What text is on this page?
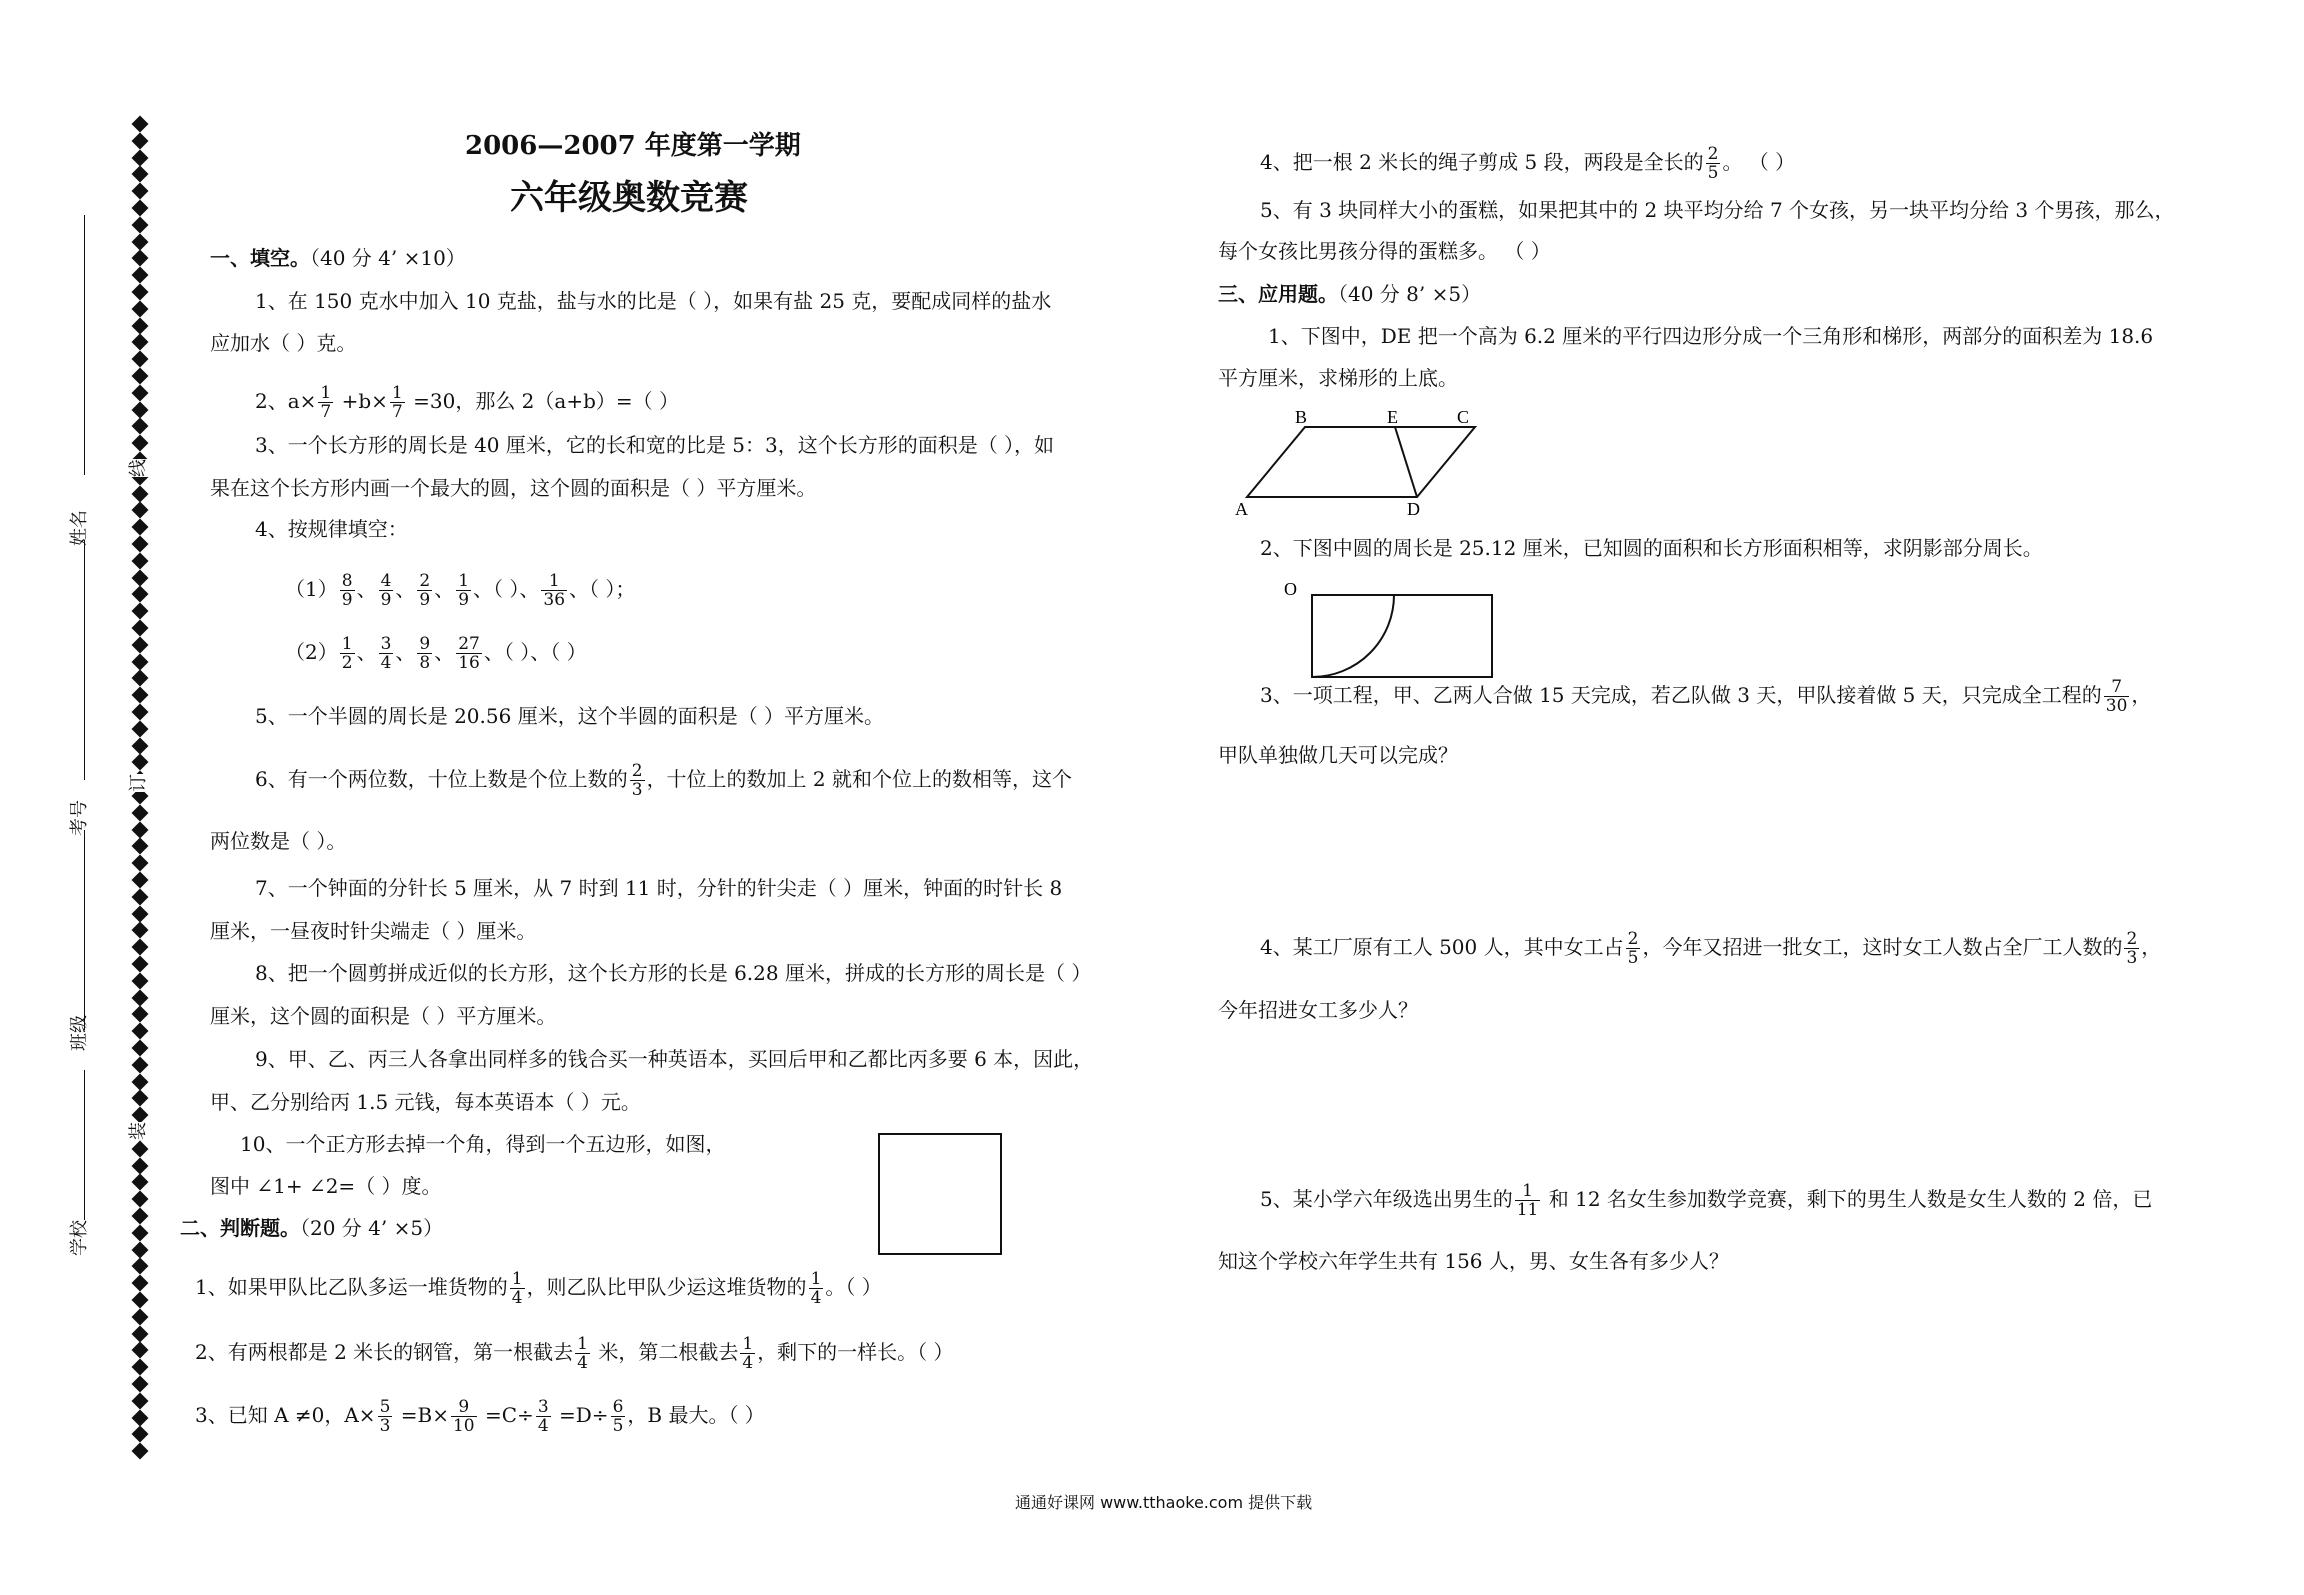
姓名
考号
班级
学校
线
订
装
2006—2007 年度第一学期
六年级奥数竞赛
一、填空。（40 分 4’ ×10）
1、在 150 克水中加入 10 克盐，盐与水的比是（ ），如果有盐 25 克，要配成同样的盐水
应加水（ ）克。
2、$a\times \frac{1}{7} +b\times \frac{1}{7} =30$，那么 2（a+b）=（ ）
3、一个长方形的周长是 40 厘米，它的长和宽的比是 5：3，这个长方形的面积是（ ），如
果在这个长方形内画一个最大的圆，这个圆的面积是（ ）平方厘米。
4、按规律填空：
$(1) \frac{8}{9}$ 、 $\frac{4}{9}$ 、 $\frac{2}{9}$ 、 $\frac{1}{9}$ 、（ ）、 $\frac{1}{36}$ 、（ ）；
$(2) \frac{1}{2}$ 、 $\frac{3}{4}$ 、 $\frac{9}{8}$ 、 $\frac{27}{16}$ 、（ ）、（ ）
5、一个半圆的周长是 20.56 厘米，这个半圆的面积是（ ）平方厘米。
6、有一个两位数，十位上数是个位上数的 $\frac{2}{3}$ ，十位上的数加上 2 就和个位上的数相等，这个
两位数是（ ）。
7、一个钟面的分针长 5 厘米，从 7 时到 11 时，分针的针尖走（ ）厘米，钟面的时针长 8
厘米，一昼夜时针尖端走（ ）厘米。
8、把一个圆剪拼成近似的长方形，这个长方形的长是 6.28 厘米，拼成的长方形的周长是（ ）
厘米，这个圆的面积是（ ）平方厘米。
9、甲、乙、丙三人各拿出同样多的钱合买一种英语本，买回后甲和乙都比丙多要 6 本，因此，
甲、乙分别给丙 1.5 元钱，每本英语本（ ）元。
10、一个正方形去掉一个角，得到一个五边形，如图，
图中 ∠1+ ∠2=（ ）度。
二、判断题。（20 分 4’ ×5）
1、如果甲队比乙队多运一堆货物的 $\frac{1}{4}$ ，则乙队比甲队少运这堆货物的 $\frac{1}{4}$ 。（ ）
2、有两根都是 2 米长的钢管，第一根截去 $\frac{1}{4}$ 米，第二根截去 $\frac{1}{4}$ ，剩下的一样长。（ ）
3、已知 A ≠0，$A\times \frac{5}{3} =B\times \frac{9}{10} =C\div \frac{3}{4} =D\div \frac{6}{5}$ ，B 最大。（ ）
4、把一根 2 米长的绳子剪成 5 段，两段是全长的 $\frac{2}{5}$ 。 （ ）
5、有 3 块同样大小的蛋糕，如果把其中的 2 块平均分给 7 个女孩，另一块平均分给 3 个男孩，那么，
每个女孩比男孩分得的蛋糕多。 （ ）
三、应用题。（40 分 8’ ×5）
1、下图中，DE 把一个高为 6.2 厘米的平行四边形分成一个三角形和梯形，两部分的面积差为 18.6
平方厘米，求梯形的上底。
B	E	C
A	D
2、下图中圆的周长是 25.12 厘米，已知圆的面积和长方形面积相等，求阴影部分周长。
O
3、一项工程，甲、乙两人合做 15 天完成，若乙队做 3 天，甲队接着做 5 天，只完成全工程的 $\frac{7}{30}$ ，
甲队单独做几天可以完成？
4、某工厂原有工人 500 人，其中女工占 $\frac{2}{5}$ ，今年又招进一批女工，这时女工人数占全厂工人数的 $\frac{2}{3}$ ，
今年招进女工多少人？
5、某小学六年级选出男生的 $\frac{1}{11}$ 和 12 名女生参加数学竞赛，剩下的男生人数是女生人数的 2 倍，已
知这个学校六年学生共有 156 人，男、女生各有多少人？
通通好课网 www.tthaoke.com 提供下载
